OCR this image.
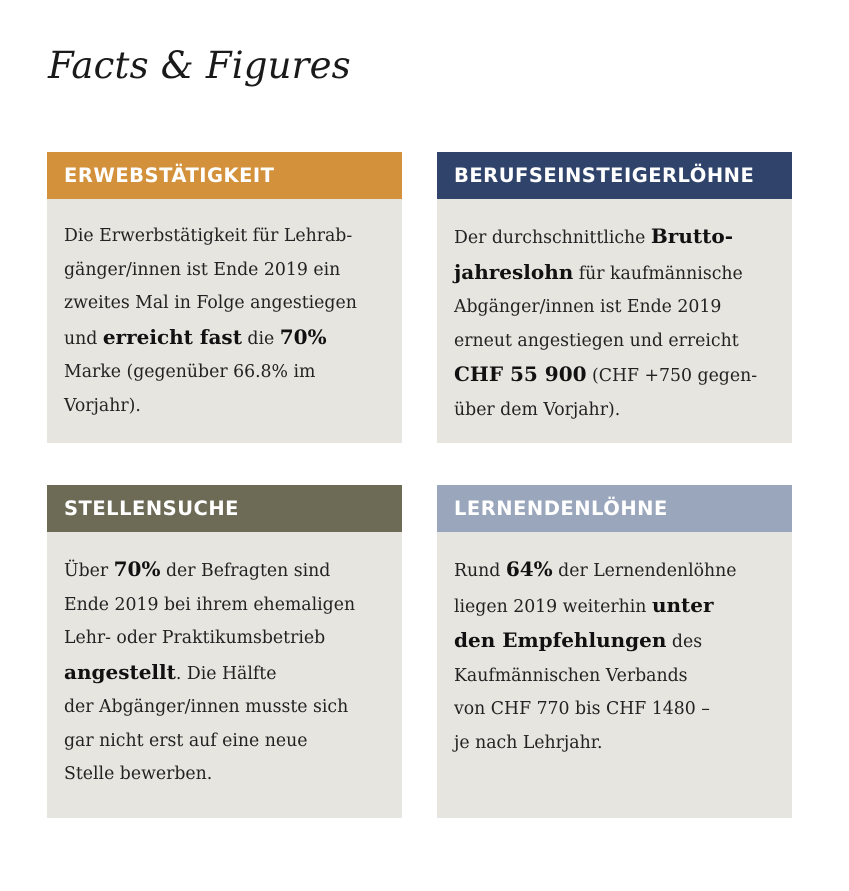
Facts & Figures
ERWEBSTÄTIGKEIT
Die Erwerbstätigkeit für Lehrab-
gänger/innen ist Ende 2019 ein
zweites Mal in Folge angestiegen
und erreicht fast die 70%
Marke (gegenüber 66.8% im
Vorjahr).
BERUFSEINSTEIGERLÖHNE
Der durchschnittliche Brutto-
jahreslohn für kaufmännische
Abgänger/innen ist Ende 2019
erneut angestiegen und erreicht
CHF 55 900 (CHF +750 gegen-
über dem Vorjahr).
STELLENSUCHE
Über 70% der Befragten sind
Ende 2019 bei ihrem ehemaligen
Lehr- oder Praktikumsbetrieb
angestellt. Die Hälfte
der Abgänger/innen musste sich
gar nicht erst auf eine neue
Stelle bewerben.
LERNENDENLÖHNE
Rund 64% der Lernendenlöhne
liegen 2019 weiterhin unter
den Empfehlungen des
Kaufmännischen Verbands
von CHF 770 bis CHF 1480 –
je nach Lehrjahr.
